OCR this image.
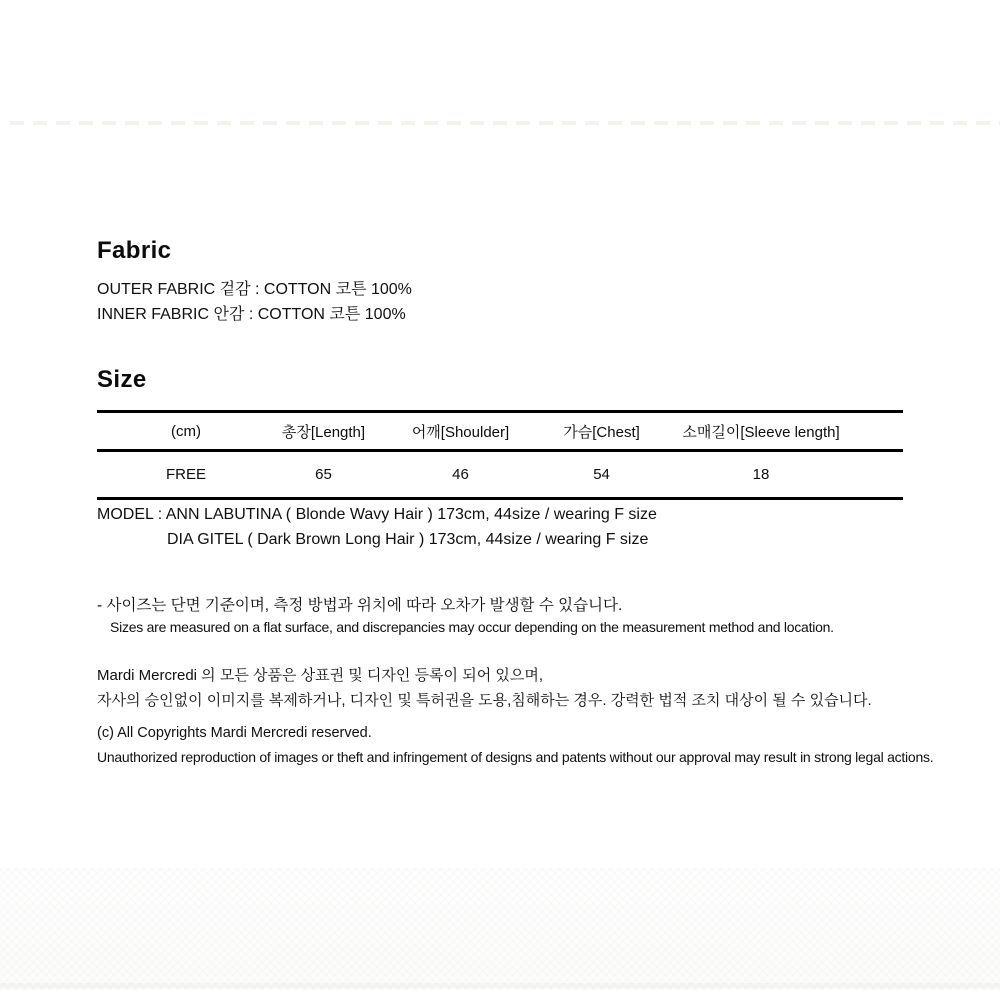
Fabric
OUTER FABRIC 겉감 : COTTON 코튼 100%
INNER FABRIC 안감 : COTTON 코튼 100%
Size
(cm)	총장[Length]	어깨[Shoulder]	가슴[Chest]	소매길이[Sleeve length]
FREE	65	46	54	18
MODEL : ANN LABUTINA ( Blonde Wavy Hair ) 173cm, 44size / wearing F size
DIA GITEL ( Dark Brown Long Hair ) 173cm, 44size / wearing F size
- 사이즈는 단면 기준이며, 측정 방법과 위치에 따라 오차가 발생할 수 있습니다.
Sizes are measured on a flat surface, and discrepancies may occur depending on the measurement method and location.
Mardi Mercredi 의 모든 상품은 상표권 및 디자인 등록이 되어 있으며,
자사의 승인없이 이미지를 복제하거나, 디자인 및 특허권을 도용,침해하는 경우. 강력한 법적 조치 대상이 될 수 있습니다.
(c) All Copyrights Mardi Mercredi reserved.
Unauthorized reproduction of images or theft and infringement of designs and patents without our approval may result in strong legal actions.
